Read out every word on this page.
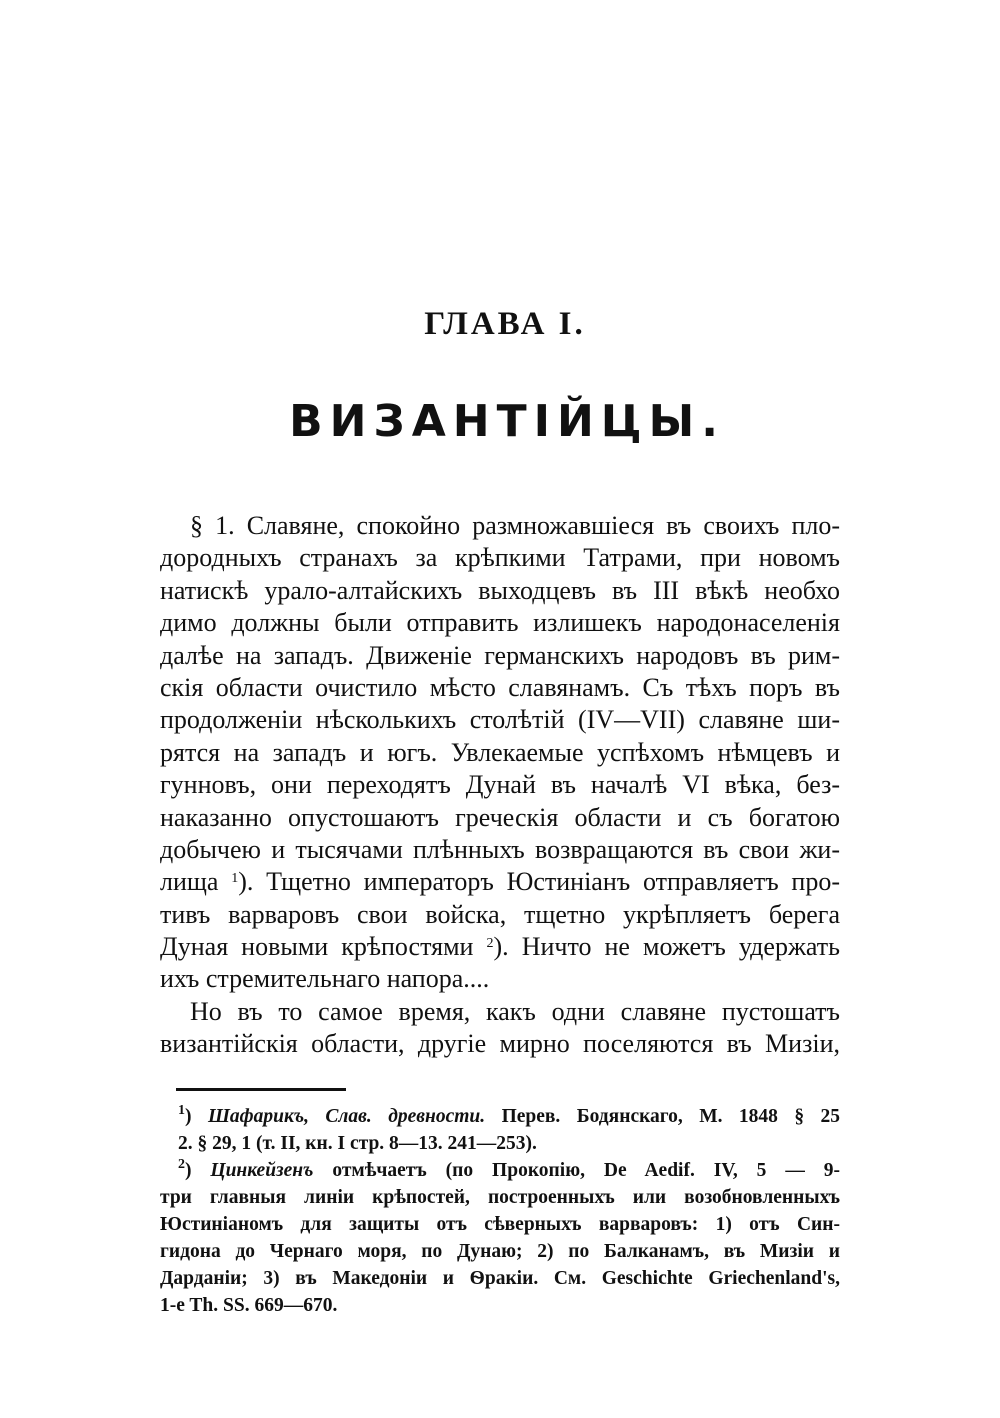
ГЛАВА I.
ВИЗАНТІЙЦЫ.
§ 1. Славяне, спокойно размножавшіеся въ своихъ пло-
дородныхъ странахъ за крѣпкими Татрами, при новомъ
натискѣ урало-алтайскихъ выходцевъ въ III вѣкѣ необхо
димо должны были отправить излишекъ народонаселенія
далѣе на западъ. Движеніе германскихъ народовъ въ рим-
скія области очистило мѣсто славянамъ. Съ тѣхъ поръ въ
продолженіи нѣсколькихъ столѣтій (IV—VII) славяне ши-
рятся на западъ и югъ. Увлекаемые успѣхомъ нѣмцевъ и
гунновъ, они переходятъ Дунай въ началѣ VI вѣка, без-
наказанно опустошаютъ греческія области и съ богатою
добычею и тысячами плѣнныхъ возвращаются въ свои жи-
лища $^1$). Тщетно императоръ Юстиніанъ отправляетъ про-
тивъ варваровъ свои войска, тщетно укрѣпляетъ берега
Дуная новыми крѣпостями $^2$). Ничто не можетъ удержать
ихъ стремительнаго напора....
Но въ то самое время, какъ одни славяне пустошатъ
византійскія области, другіе мирно поселяются въ Мизіи,
$^1$) Шафарикъ, Слав. древности. Перев. Бодянскаго, М. 1848 § 25
2. § 29, 1 (т. II, кн. I стр. 8—13. 241—253).
$^2$) Цинкейзенъ отмѣчаетъ (по Прокопію, De Aedif. IV, 5 — 9-
три главныя линіи крѣпостей, построенныхъ или возобновленныхъ
Юстиніаномъ для защиты отъ сѣверныхъ варваровъ: 1) отъ Син-
гидона до Чернаго моря, по Дунаю; 2) по Балканамъ, въ Мизіи и
Дарданіи; 3) въ Македоніи и Ѳракіи. См. Geschichte Griechenland's,
1-e Th. SS. 669—670.
